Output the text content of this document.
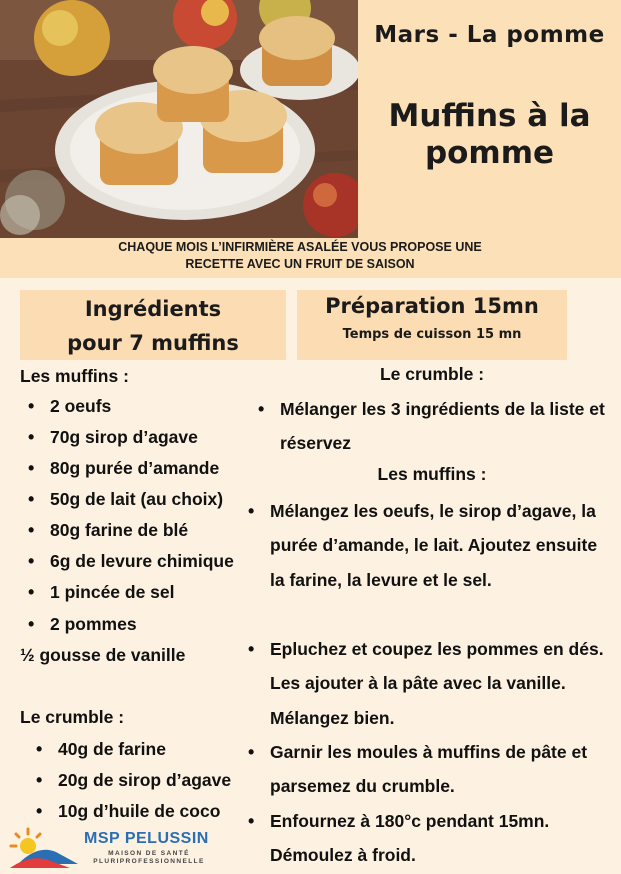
Mars - La pomme
Muffins à la pomme
CHAQUE MOIS L’INFIRMIÈRE ASALÉE VOUS PROPOSE UNE
RECETTE AVEC UN FRUIT DE SAISON
Ingrédients
pour 7 muffins
Préparation 15mn
Temps de cuisson 15 mn
Les muffins :
• 2 oeufs
• 70g sirop d’agave
• 80g purée d’amande
• 50g de lait (au choix)
• 80g farine de blé
• 6g de levure chimique
• 1 pincée de sel
• 2 pommes
½ gousse de vanille
Le crumble :
• 40g de farine
• 20g de sirop d’agave
• 10g d’huile de coco
Le crumble :
• Mélanger les 3 ingrédients de la liste et réservez
Les muffins :
• Mélangez les oeufs, le sirop d’agave, la purée d’amande, le lait. Ajoutez ensuite la farine, la levure et le sel.
• Epluchez et coupez les pommes en dés. Les ajouter à la pâte avec la vanille. Mélangez bien.
• Garnir les moules à muffins de pâte et parsemez du crumble.
• Enfournez à 180°c pendant 15mn. Démoulez à froid.
MSP PELUSSIN
MAISON DE SANTÉ
PLURIPROFESSIONNELLE
